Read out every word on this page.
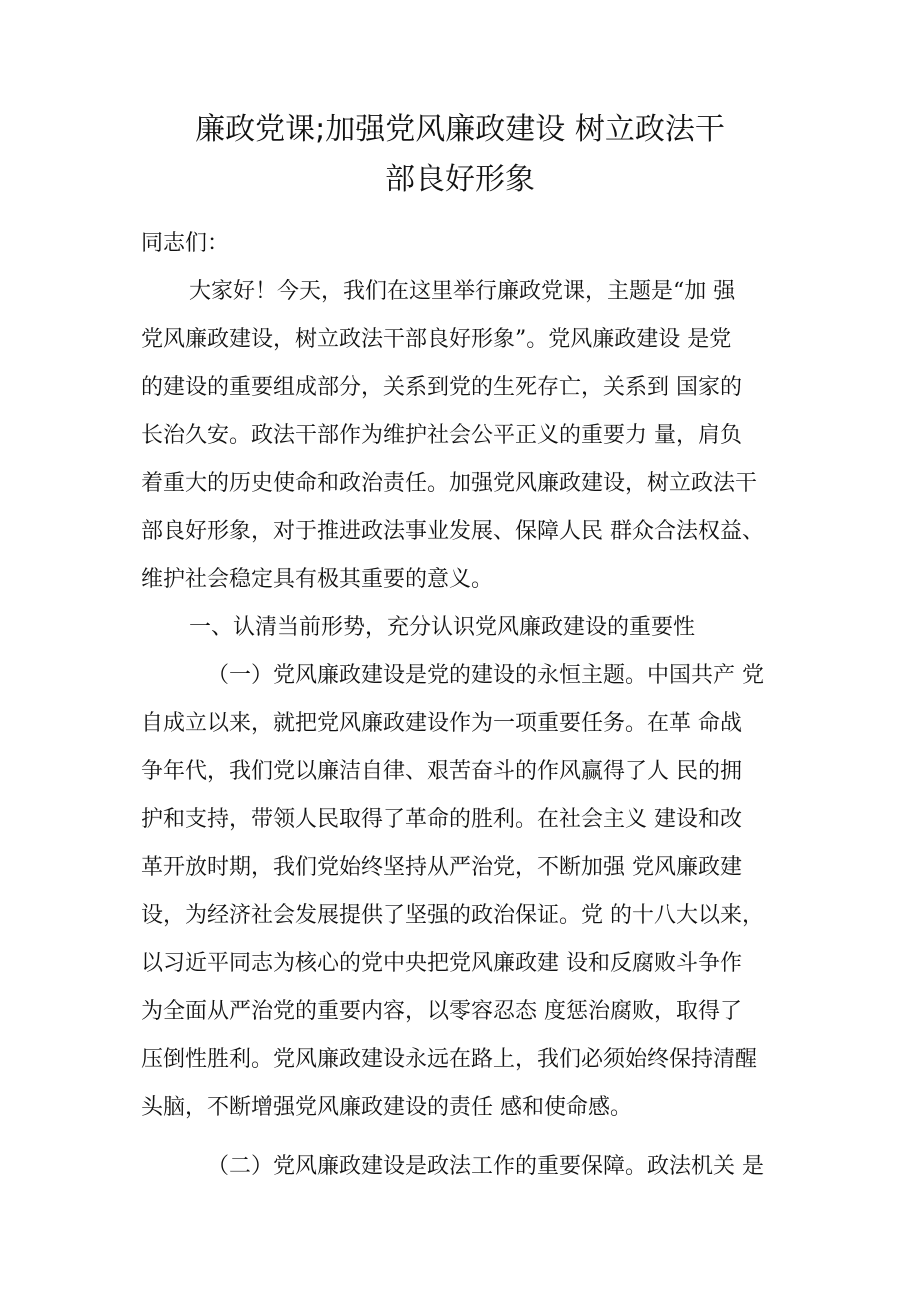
廉政党课;加强党风廉政建设 树立政法干
部良好形象
同志们：
大家好！今天，我们在这里举行廉政党课，主题是“加 强
党风廉政建设，树立政法干部良好形象”。党风廉政建设 是党
的建设的重要组成部分，关系到党的生死存亡，关系到 国家的
长治久安。政法干部作为维护社会公平正义的重要力 量，肩负
着重大的历史使命和政治责任。加强党风廉政建设，树立政法干
部良好形象，对于推进政法事业发展、保障人民 群众合法权益、
维护社会稳定具有极其重要的意义。
一、认清当前形势，充分认识党风廉政建设的重要性
（一）党风廉政建设是党的建设的永恒主题。中国共产 党
自成立以来，就把党风廉政建设作为一项重要任务。在革 命战
争年代，我们党以廉洁自律、艰苦奋斗的作风赢得了人 民的拥
护和支持，带领人民取得了革命的胜利。在社会主义 建设和改
革开放时期，我们党始终坚持从严治党，不断加强 党风廉政建
设，为经济社会发展提供了坚强的政治保证。党 的十八大以来，
以习近平同志为核心的党中央把党风廉政建 设和反腐败斗争作
为全面从严治党的重要内容，以零容忍态 度惩治腐败，取得了
压倒性胜利。党风廉政建设永远在路上，我们必须始终保持清醒
头脑，不断增强党风廉政建设的责任 感和使命感。
（二）党风廉政建设是政法工作的重要保障。政法机关 是
